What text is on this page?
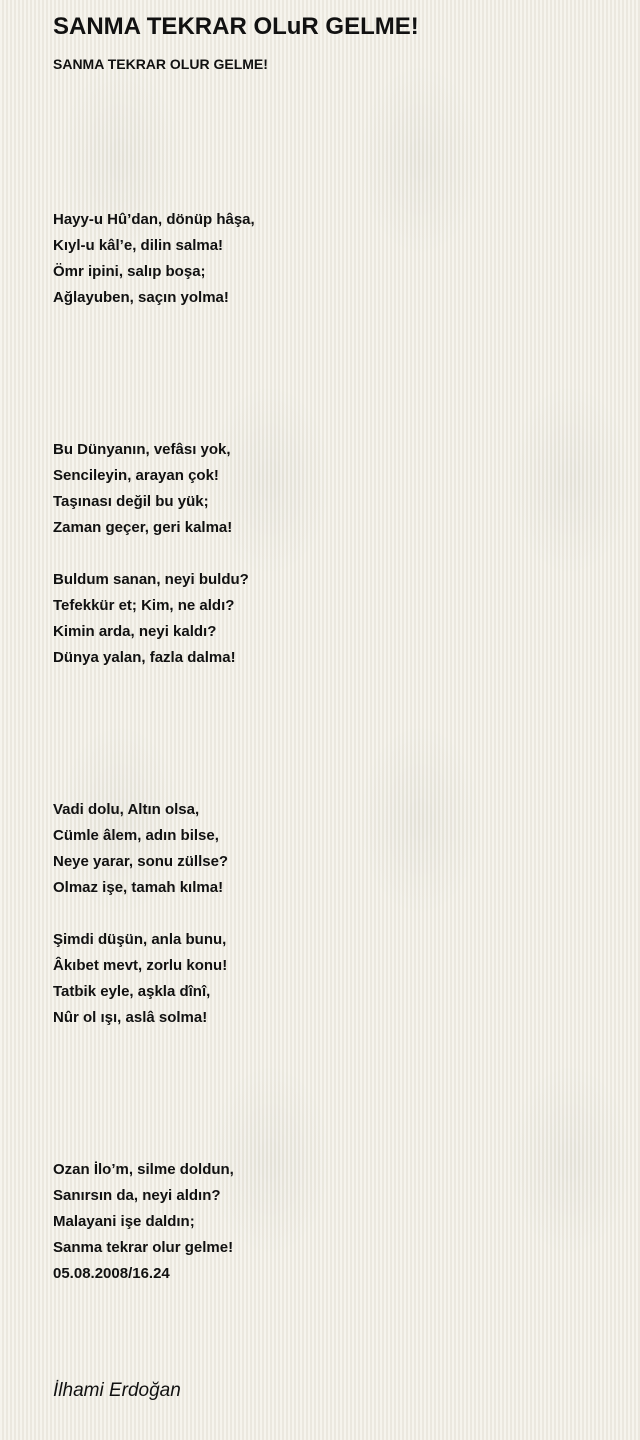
SANMA TEKRAR OLuR GELME!
SANMA TEKRAR OLUR GELME!
Hayy-u Hû’dan, dönüp hâşa,
Kıyl-u kâl’e, dilin salma!
Ömr ipini, salıp boşa;
Ağlayuben, saçın yolma!
Bu Dünyanın, vefâsı yok,
Sencileyin, arayan çok!
Taşınası değil bu yük;
Zaman geçer, geri kalma!
Buldum sanan, neyi buldu?
Tefekkür et; Kim, ne aldı?
Kimin arda, neyi kaldı?
Dünya yalan, fazla dalma!
Vadi dolu, Altın olsa,
Cümle âlem, adın bilse,
Neye yarar, sonu züllse?
Olmaz işe, tamah kılma!
Şimdi düşün, anla bunu,
Âkıbet mevt, zorlu konu!
Tatbik eyle, aşkla dînî,
Nûr ol ışı, aslâ solma!
Ozan İlo’m, silme doldun,
Sanırsın da, neyi aldın?
Malayani işe daldın;
Sanma tekrar olur gelme!
05.08.2008/16.24
İlhami Erdoğan
